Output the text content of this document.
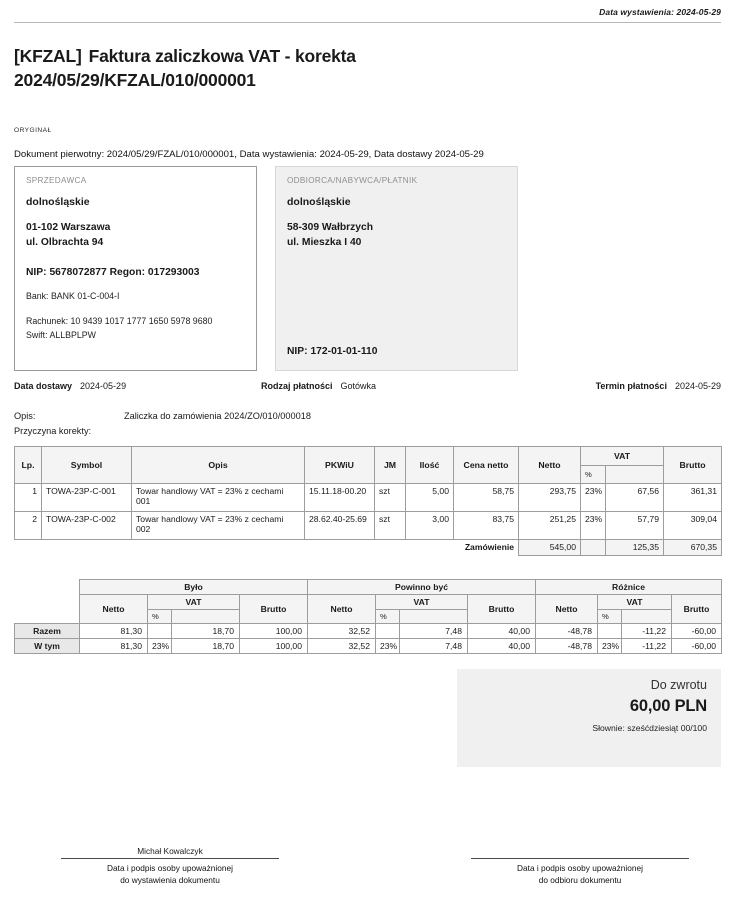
Data wystawienia: 2024-05-29
[KFZAL] Faktura zaliczkowa VAT - korekta
2024/05/29/KFZAL/010/000001
ORYGINAŁ
Dokument pierwotny: 2024/05/29/FZAL/010/000001, Data wystawienia: 2024-05-29, Data dostawy 2024-05-29
SPRZEDAWCA
dolnośląskie
01-102 Warszawa
ul. Olbrachta 94
NIP: 5678072877 Regon: 017293003
Bank: BANK 01-C-004-I
Rachunek: 10 9439 1017 1777 1650 5978 9680
Swift: ALLBPLPW
ODBIORCA/NABYWCA/PŁATNIK
dolnośląskie
58-309 Wałbrzych
ul. Mieszka I 40
NIP: 172-01-01-110
Data dostawy 2024-05-29	Rodzaj płatności Gotówka	Termin płatności 2024-05-29
Opis:	Zaliczka do zamówienia 2024/ZO/010/000018
Przyczyna korekty:
Lp.	Symbol	Opis	PKWiU	JM	Ilość	Cena netto	Netto	VAT		Brutto
								%		
1	TOWA-23P-C-001	Towar handlowy VAT = 23% z cechami 001	15.11.18-00.20	szt	5,00	58,75	293,75	23%	67,56	361,31
2	TOWA-23P-C-002	Towar handlowy VAT = 23% z cechami 002	28.62.40-25.69	szt	3,00	83,75	251,25	23%	57,79	309,04
						Zamówienie	545,00		125,35	670,35
	Było				Powinno być				Różnice			
	Netto	VAT		Brutto	Netto	VAT		Brutto	Netto	VAT		Brutto
		%				%				%		
Razem	81,30		18,70	100,00	32,52		7,48	40,00	-48,78		-11,22	-60,00
W tym	81,30	23%	18,70	100,00	32,52	23%	7,48	40,00	-48,78	23%	-11,22	-60,00
Do zwrotu
60,00 PLN
Słownie: sześćdziesiąt 00/100
Michał Kowalczyk
Data i podpis osoby upoważnionej
do wystawienia dokumentu
Data i podpis osoby upoważnionej
do odbioru dokumentu
